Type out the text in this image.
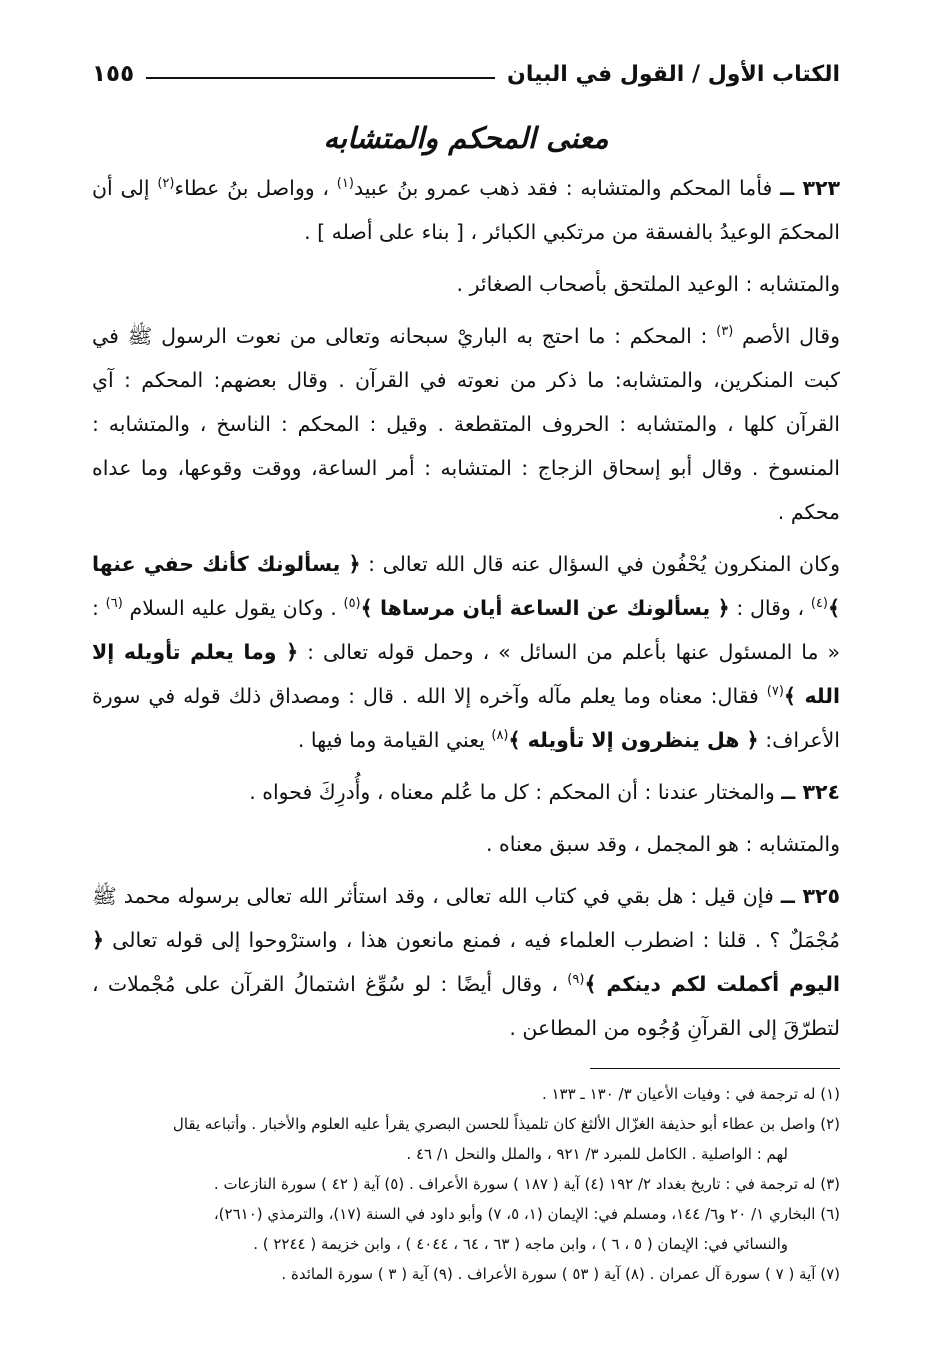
الكتاب الأول / القول في البيان
١٥٥
معنى المحكم والمتشابه

٣٢٣ ــ فأما المحكم والمتشابه : فقد ذهب عمرو بنُ عبيد$^{(١)}$ ، وواصل بنُ عطاء$^{(٢)}$ إلى أن المحكمَ الوعيدُ بالفسقة من مرتكبي الكبائر ، [ بناء على أصله ] .

والمتشابه : الوعيد الملتحق بأصحاب الصغائر .

وقال الأصم $^{(٣)}$ : المحكم : ما احتج به الباريْ سبحانه وتعالى من نعوت الرسول ﷺ في كبت المنكرين، والمتشابه: ما ذكر من نعوته في القرآن . وقال بعضهم: المحكم : آي القرآن كلها ، والمتشابه : الحروف المتقطعة . وقيل : المحكم : الناسخ ، والمتشابه : المنسوخ . وقال أبو إسحاق الزجاج : المتشابه : أمر الساعة، ووقت وقوعها، وما عداه محكم .

وكان المنكرون يُحْفُون في السؤال عنه قال الله تعالى : ﴿ يسألونك كأنك حفي عنها ﴾$^{(٤)}$ ، وقال : ﴿ يسألونك عن الساعة أيان مرساها ﴾$^{(٥)}$ . وكان يقول عليه السلام $^{(٦)}$ : « ما المسئول عنها بأعلم من السائل » ، وحمل قوله تعالى : ﴿ وما يعلم تأويله إلا الله ﴾$^{(٧)}$ فقال: معناه وما يعلم مآله وآخره إلا الله . قال : ومصداق ذلك قوله في سورة الأعراف: ﴿ هل ينظرون إلا تأويله ﴾$^{(٨)}$ يعني القيامة وما فيها .

٣٢٤ ــ والمختار عندنا : أن المحكم : كل ما عُلم معناه ، وأُدرِكَ فحواه .

والمتشابه : هو المجمل ، وقد سبق معناه .

٣٢٥ ــ فإن قيل : هل بقي في كتاب الله تعالى ، وقد استأثر الله تعالى برسوله محمد ﷺ مُجْمَلٌ ؟ . قلنا : اضطرب العلماء فيه ، فمنع مانعون هذا ، واسترْوحوا إلى قوله تعالى ﴿ اليوم أكملت لكم دينكم ﴾$^{(٩)}$ ، وقال أيضًا : لو سُوِّغ اشتمالُ القرآن على مُجْملات ، لتطرّقَ إلى القرآنِ وُجُوه من المطاعن .

(١) له ترجمة في : وفيات الأعيان ٣/ ١٣٠ ـ ١٣٣ .

(٢) واصل بن عطاء أبو حذيفة الغزّال الألثغ كان تلميذاً للحسن البصري يقرأ عليه العلوم والأخبار . وأتباعه يقال

لهم : الواصلية . الكامل للمبرد ٣/ ٩٢١ ، والملل والنحل ١/ ٤٦ .

(٣) له ترجمة في : تاريخ بغداد ٢/ ١٩٢ (٤) آية ( ١٨٧ ) سورة الأعراف . (٥) آية ( ٤٢ ) سورة النازعات .

(٦) البخاري ١/ ٢٠ و٦/ ١٤٤، ومسلم في: الإيمان (١، ٥، ٧) وأبو داود في السنة (١٧)، والترمذي (٢٦١٠)،

والنسائي في: الإيمان ( ٥ ، ٦ ) ، وابن ماجه ( ٦٣ ، ٦٤ ، ٤٠٤٤ ) ، وابن خزيمة ( ٢٢٤٤ ) .

(٧) آية ( ٧ ) سورة آل عمران . (٨) آية ( ٥٣ ) سورة الأعراف . (٩) آية ( ٣ ) سورة المائدة .
